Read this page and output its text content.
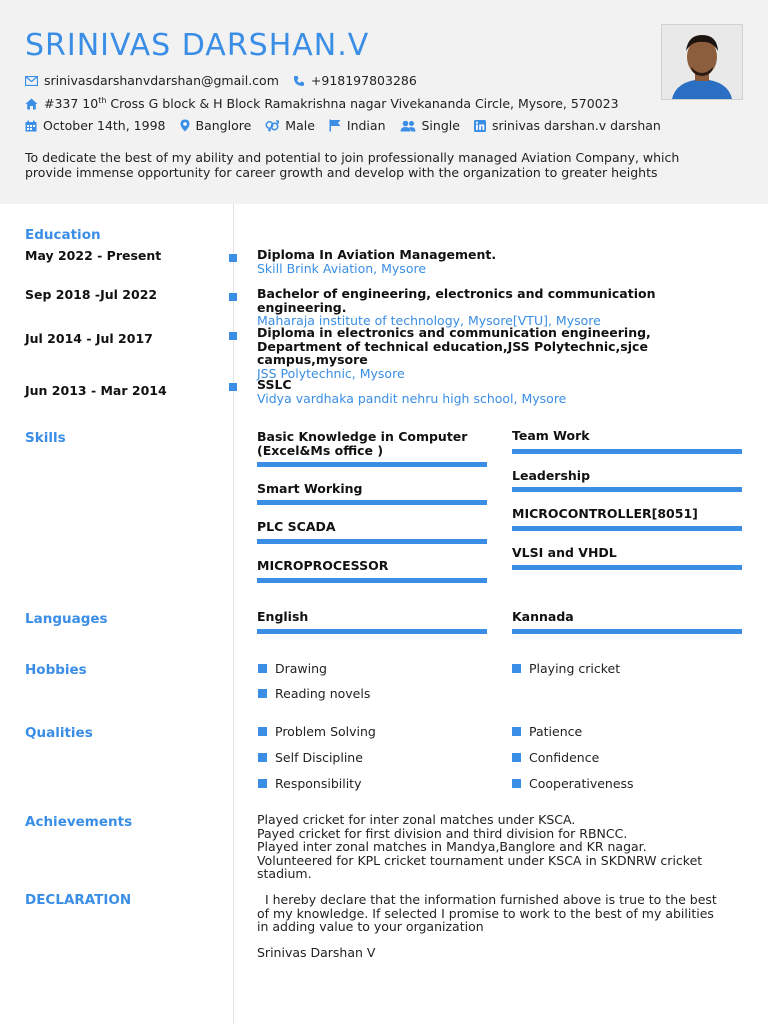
SRINIVAS DARSHAN.V
srinivasdarshanvdarshan@gmail.com	+918197803286
#337 10th Cross G block & H Block Ramakrishna nagar Vivekananda Circle, Mysore, 570023
October 14th, 1998 Banglore	Male	Indian	Single	srinivas darshan.v darshan
To dedicate the best of my ability and potential to join professionally managed Aviation Company, which provide immense opportunity for career growth and develop with the organization to greater heights
Education
Skills
Languages
Hobbies
Qualities
Achievements
DECLARATION
May 2022 - Present	Diploma In Aviation Management.
Skill Brink Aviation, Mysore
Sep 2018 -Jul 2022	Bachelor of engineering, electronics and communication engineering.
Maharaja institute of technology, Mysore[VTU], Mysore
Jul 2014 - Jul 2017	Diploma in electronics and communication engineering, Department of technical education,JSS Polytechnic,sjce campus,mysore
JSS Polytechnic, Mysore
Jun 2013 - Mar 2014	SSLC
Vidya vardhaka pandit nehru high school, Mysore
Basic Knowledge in Computer (Excel&Ms office )
Smart Working
PLC SCADA
MICROPROCESSOR
Team Work
Leadership
MICROCONTROLLER[8051]
VLSI and VHDL
English	Kannada
Drawing	Playing cricket
Reading novels
Problem Solving	Patience
Self Discipline	Confidence
Responsibility	Cooperativeness
Played cricket for inter zonal matches under KSCA.
Payed cricket for first division and third division for RBNCC.
Played inter zonal matches in Mandya,Banglore and KR nagar.
Volunteered for KPL cricket tournament under KSCA in SKDNRW cricket stadium.
I hereby declare that the information furnished above is true to the best of my knowledge. If selected I promise to work to the best of my abilities in adding value to your organization
Srinivas Darshan V
